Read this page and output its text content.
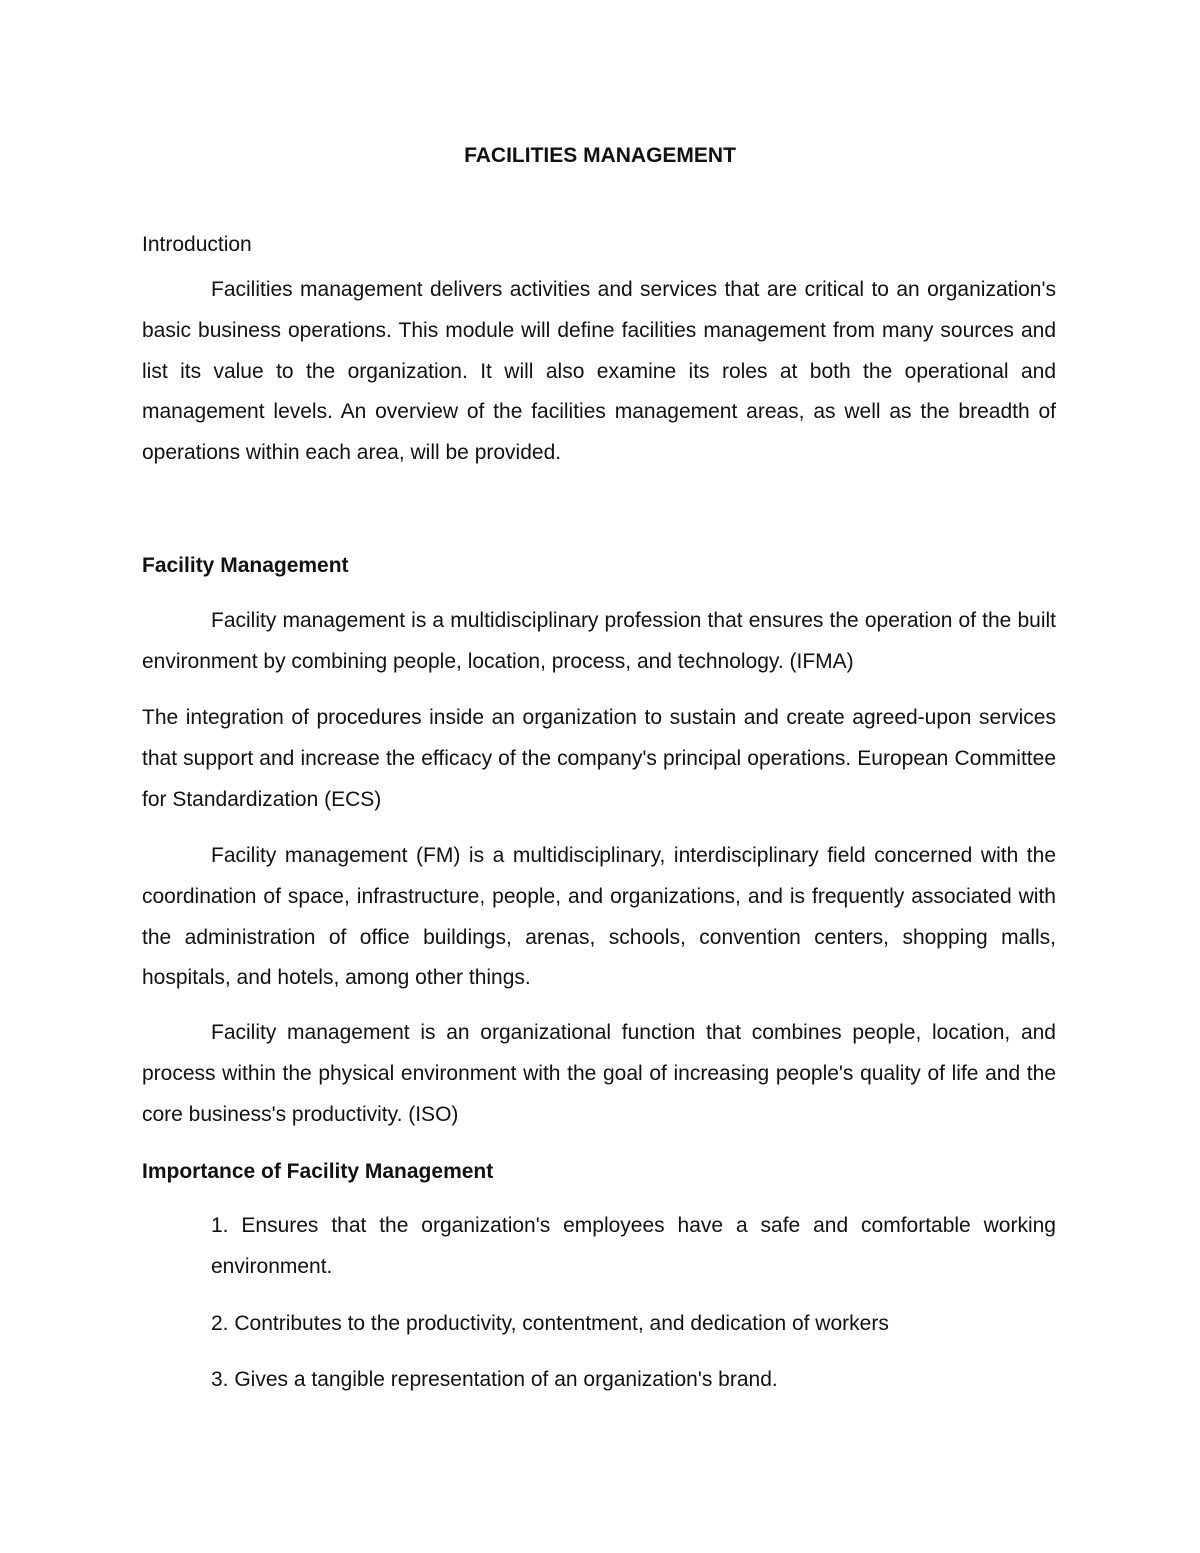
FACILITIES MANAGEMENT

Introduction

Facilities management delivers activities and services that are critical to an organization's basic business operations. This module will define facilities management from many sources and list its value to the organization. It will also examine its roles at both the operational and management levels. An overview of the facilities management areas, as well as the breadth of operations within each area, will be provided.

Facility Management

Facility management is a multidisciplinary profession that ensures the operation of the built environment by combining people, location, process, and technology. (IFMA)

The integration of procedures inside an organization to sustain and create agreed-upon services that support and increase the efficacy of the company's principal operations. European Committee for Standardization (ECS)

Facility management (FM) is a multidisciplinary, interdisciplinary field concerned with the coordination of space, infrastructure, people, and organizations, and is frequently associated with the administration of office buildings, arenas, schools, convention centers, shopping malls, hospitals, and hotels, among other things.

Facility management is an organizational function that combines people, location, and process within the physical environment with the goal of increasing people's quality of life and the core business's productivity. (ISO)

Importance of Facility Management

1. Ensures that the organization's employees have a safe and comfortable working environment.

2. Contributes to the productivity, contentment, and dedication of workers

3. Gives a tangible representation of an organization's brand.
